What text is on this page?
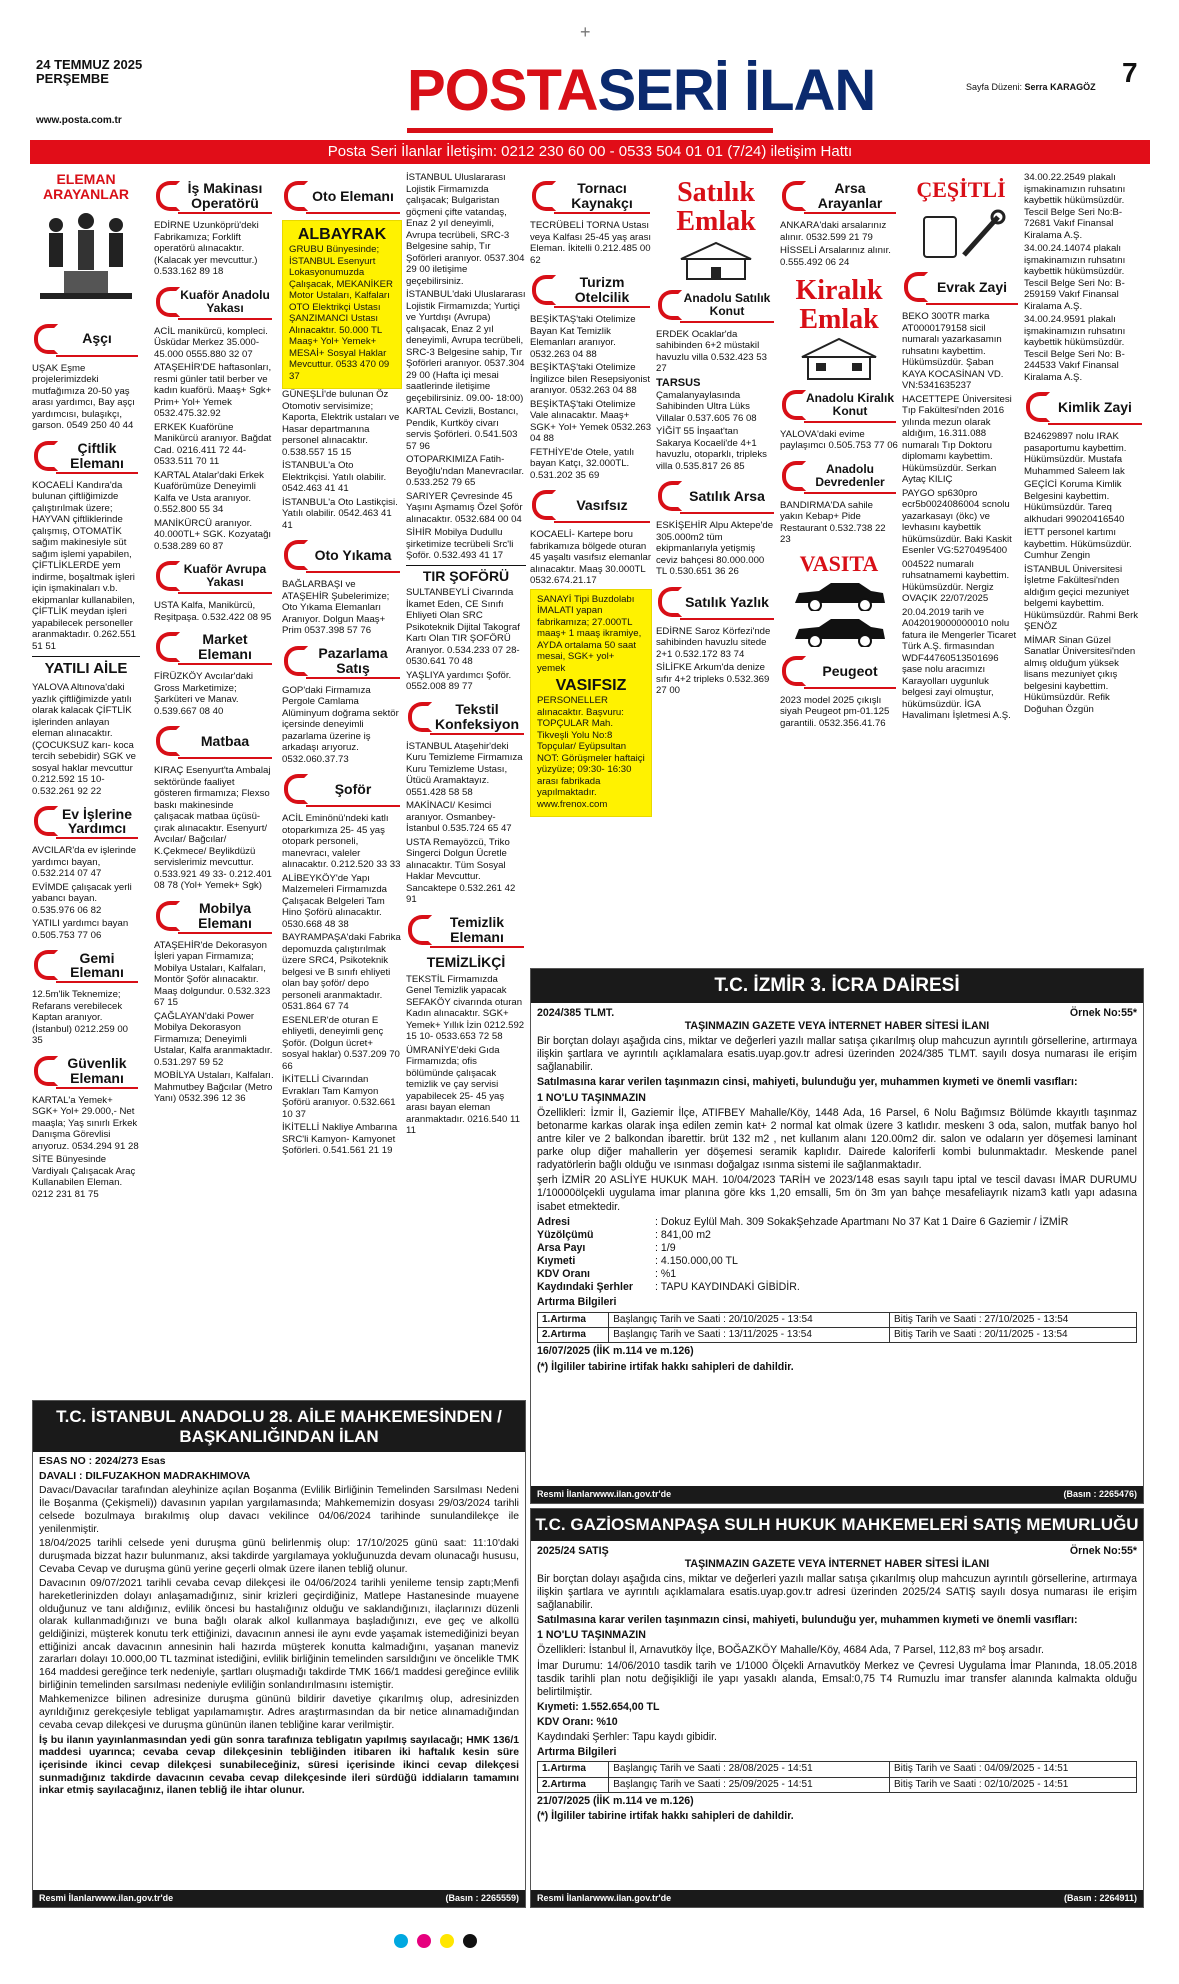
24 TEMMUZ 2025
PERŞEMBE
www.posta.com.tr	POSTASERİ İLAN	Sayfa Düzeni: Serra KARAGÖZ 7
+
Posta Seri İlanlar İletişim: 0212 230 60 00 - 0533 504 01 01 (7/24) iletişim Hattı
ELEMAN ARAYANLAR
Aşçı

UŞAK Eşme projelerimizdeki mutfağımıza 20-50 yaş arası yardımcı, Bay aşçı yardımcısı, bulaşıkçı, garson. 0549 250 40 44

Çiftlik Elemanı

KOCAELİ Kandıra'da bulunan çiftliğimizde çalıştırılmak üzere; HAYVAN çiftliklerinde çalışmış, OTOMATİK sağım makinesiyle süt sağım işlemi yapabilen, ÇİFTLİKLERDE yem indirme, boşaltmak işleri için işmakinaları v.b. ekipmanlar kullanabilen, ÇİFTLİK meydan işleri yapabilecek personeller aranmaktadır. 0.262.551 51 51

YATILI AİLE

YALOVA Altınova'daki yazlık çiftliğimizde yatılı olarak kalacak ÇİFTLİK işlerinden anlayan eleman alınacaktır. (ÇOCUKSUZ karı- koca tercih sebebidir) SGK ve sosyal haklar mevcuttur 0.212.592 15 10- 0.532.261 92 22

Ev İşlerine Yardımcı

AVCILAR'da ev işlerinde yardımcı bayan, 0.532.214 07 47

EVİMDE çalışacak yerli yabancı bayan. 0.535.976 06 82

YATILI yardımcı bayan 0.505.753 77 06

Gemi Elemanı

12.5m'lik Teknemize; Refarans verebilecek Kaptan aranıyor. (İstanbul) 0212.259 00 35

Güvenlik Elemanı

KARTAL'a Yemek+ SGK+ Yol+ 29.000,- Net maaşla; Yaş sınırlı Erkek Danışma Görevlisi arıyoruz. 0534.294 91 28

SİTE Bünyesinde Vardiyalı Çalışacak Araç Kullanabilen Eleman. 0212 231 81 75

İş Makinası Operatörü

EDİRNE Uzunköprü'deki Fabrikamıza; Forklift operatörü alınacaktır. (Kalacak yer mevcuttur.) 0.533.162 89 18

Kuaför Anadolu Yakası

ACİL manikürcü, kompleci. Üsküdar Merkez 35.000- 45.000 0555.880 32 07

ATAŞEHİR'DE haftasonları, resmi günler tatil berber ve kadın kuaförü. Maaş+ Sgk+ Prim+ Yol+ Yemek 0532.475.32.92

ERKEK Kuaförüne Manikürcü aranıyor. Bağdat Cad. 0216.411 72 44- 0533.511 70 11

KARTAL Atalar'daki Erkek Kuaförümüze Deneyimli Kalfa ve Usta aranıyor. 0.552.800 55 34

MANİKÜRCÜ aranıyor. 40.000TL+ SGK. Kozyatağı 0.538.289 60 87

Kuaför Avrupa Yakası

USTA Kalfa, Manikürcü, Reşitpaşa. 0.532.422 08 95

Market Elemanı

FİRÜZKÖY Avcılar'daki Gross Marketimize; Şarküteri ve Manav. 0.539.667 08 40

Matbaa

KIRAÇ Esenyurt'ta Ambalaj sektöründe faaliyet gösteren firmamıza; Flexso baskı makinesinde çalışacak matbaa üçüsü- çırak alınacaktır. Esenyurt/ Avcılar/ Bağcılar/ K.Çekmece/ Beylikdüzü servislerimiz mevcuttur. 0.533.921 49 33- 0.212.401 08 78 (Yol+ Yemek+ Sgk)

Mobilya Elemanı

ATAŞEHİR'de Dekorasyon İşleri yapan Firmamıza; Mobilya Ustaları, Kalfaları, Montör Şoför alınacaktır. Maaş dolgundur. 0.532.323 67 15

ÇAĞLAYAN'daki Power Mobilya Dekorasyon Firmamıza; Deneyimli Ustalar, Kalfa aranmaktadır. 0.531.297 59 52

MOBİLYA Ustaları, Kalfaları. Mahmutbey Bağcılar (Metro Yanı) 0532.396 12 36

Oto Elemanı
ALBAYRAK

GRUBU Bünyesinde; İSTANBUL Esenyurt Lokasyonumuzda Çalışacak, MEKANİKER Motor Ustaları, Kalfaları OTO Elektrikçi Ustası ŞANZIMANCI Ustası Alınacaktır. 50.000 TL Maaş+ Yol+ Yemek+ MESAİ+ Sosyal Haklar Mevcuttur. 0533 470 09 37

GÜNEŞLİ'de bulunan Öz Otomotiv servisimize; Kaporta, Elektrik ustaları ve Hasar departmanına personel alınacaktır. 0.538.557 15 15

İSTANBUL'a Oto Elektrikçisi. Yatılı olabilir. 0542.463 41 41

İSTANBUL'a Oto Lastikçisi. Yatılı olabilir. 0542.463 41 41

Oto Yıkama

BAĞLARBAŞI ve ATAŞEHİR Şubelerimize; Oto Yıkama Elemanları Aranıyor. Dolgun Maaş+ Prim 0537.398 57 76

Pazarlama Satış

GOP'daki Firmamıza Pergole Camlama Alüminyum doğrama sektör içersinde deneyimli pazarlama üzerine iş arkadaşı arıyoruz. 0532.060.37.73

Şoför

ACİL Eminönü'ndeki katlı otoparkımıza 25- 45 yaş otopark personeli, manevracı, valeler alınacaktır. 0.212.520 33 33

ALİBEYKÖY'de Yapı Malzemeleri Firmamızda Çalışacak Belgeleri Tam Hino Şoförü alınacaktır. 0530.668 48 38

BAYRAMPAŞA'daki Fabrika depomuzda çalıştırılmak üzere SRC4, Psikoteknik belgesi ve B sınıfı ehliyeti olan bay şoför/ depo personeli aranmaktadır. 0531.864 67 74

ESENLER'de oturan E ehliyetli, deneyimli genç Şoför. (Dolgun ücret+ sosyal haklar) 0.537.209 70 66

İKİTELLİ Civarından Evrakları Tam Kamyon Şoförü aranıyor. 0.532.661 10 37

İKİTELLİ Nakliye Ambarına SRC'li Kamyon- Kamyonet Şoförleri. 0.541.561 21 19

İSTANBUL Uluslararası Lojistik Firmamızda çalışacak; Bulgaristan göçmeni çifte vatandaş, Enaz 2 yıl deneyimli, Avrupa tecrübeli, SRC-3 Belgesine sahip, Tır Şoförleri aranıyor. 0537.304 29 00 iletişime geçebilirsiniz.

İSTANBUL'daki Uluslararası Lojistik Firmamızda; Yurtiçi ve Yurtdışı (Avrupa) çalışacak, Enaz 2 yıl deneyimli, Avrupa tecrübeli, SRC-3 Belgesine sahip, Tır Şoförleri aranıyor. 0537.304 29 00 (Hafta içi mesai saatlerinde iletişime geçebilirsiniz. 09.00- 18:00)

KARTAL Cevizli, Bostancı, Pendik, Kurtköy civarı servis Şoförleri. 0.541.503 57 96

OTOPARKIMIZA Fatih- Beyoğlu'ndan Manevracılar. 0.533.252 79 65

SARIYER Çevresinde 45 Yaşını Aşmamış Özel Şoför alınacaktır. 0532.684 00 04

SİHİR Mobilya Dudullu şirketimize tecrübeli Src'li Şoför. 0.532.493 41 17

TIR ŞOFÖRÜ

SULTANBEYLİ Civarında İkamet Eden, CE Sınıfı Ehliyeti Olan SRC Psikoteknik Dijital Takograf Kartı Olan TIR ŞOFÖRÜ Aranıyor. 0.534.233 07 28- 0530.641 70 48

YAŞLIYA yardımcı Şoför. 0552.008 89 77

Tekstil Konfeksiyon

İSTANBUL Ataşehir'deki Kuru Temizleme Firmamıza Kuru Temizleme Ustası, Ütücü Aramaktayız. 0551.428 58 58

MAKİNACI/ Kesimci aranıyor. Osmanbey- İstanbul 0.535.724 65 47

USTA Remayözcü, Triko Singerci Dolgun Ücretle alınacaktır. Tüm Sosyal Haklar Mevcuttur. Sancaktepe 0.532.261 42 91

Temizlik Elemanı
TEMİZLİKÇİ

TEKSTİL Firmamızda Genel Temizlik yapacak SEFAKÖY civarında oturan Kadın alınacaktır. SGK+ Yemek+ Yıllık İzin 0212.592 15 10- 0533.653 72 58

ÜMRANİYE'deki Gıda Firmamızda; ofis bölümünde çalışacak temizlik ve çay servisi yapabilecek 25- 45 yaş arası bayan eleman aranmaktadır. 0216.540 11 11

Tornacı Kaynakçı

TECRÜBELİ TORNA Ustası veya Kalfası 25-45 yaş arası Eleman. İkitelli 0.212.485 00 62

Turizm Otelcilik

BEŞİKTAŞ'taki Otelimize Bayan Kat Temizlik Elemanları aranıyor. 0532.263 04 88

BEŞİKTAŞ'taki Otelimize İngilizce bilen Resepsiyonist aranıyor. 0532.263 04 88

BEŞİKTAŞ'taki Otelimize Vale alınacaktır. Maaş+ SGK+ Yol+ Yemek 0532.263 04 88

FETHİYE'de Otele, yatılı bayan Katçı, 32.000TL. 0.531.202 35 69

Vasıfsız

KOCAELİ- Kartepe boru fabrikamıza bölgede oturan 45 yaşaltı vasıfsız elemanlar alınacaktır. Maaş 30.000TL 0532.674.21.17

SANAYİ Tipi Buzdolabı İMALATI yapan fabrikamıza; 27.000TL maaş+ 1 maaş ikramiye, AYDA ortalama 50 saat mesai, SGK+ yol+ yemek

VASIFSIZ

PERSONELLER alınacaktır. Başvuru: TOPÇULAR Mah. Tikveşli Yolu No:8 Topçular/ Eyüpsultan NOT: Görüşmeler haftaiçi yüzyüze; 09:30- 16:30 arası fabrikada yapılmaktadır. www.frenox.com

Satılık Emlak
Anadolu Satılık Konut

ERDEK Ocaklar'da sahibinden 6+2 müstakil havuzlu villa 0.532.423 53 27

TARSUS

Çamalanyaylasında Sahibinden Ultra Lüks Villalar 0.537.605 76 08

YİĞİT 55 İnşaat'tan Sakarya Kocaeli'de 4+1 havuzlu, otoparklı, tripleks villa 0.535.817 26 85

Satılık Arsa

ESKİŞEHİR Alpu Aktepe'de 305.000m2 tüm ekipmanlarıyla yetişmiş ceviz bahçesi 80.000.000 TL 0.530.651 36 26

Satılık Yazlık

EDİRNE Saroz Körfezi'nde sahibinden havuzlu sitede 2+1 0.532.172 83 74

SİLİFKE Arkum'da denize sıfır 4+2 tripleks 0.532.369 27 00

Arsa Arayanlar

ANKARA'daki arsalarınız alınır. 0532.599 21 79

HİSSELİ Arsalarınız alınır. 0.555.492 06 24

Kiralık Emlak
Anadolu Kiralık Konut

YALOVA'daki evime paylaşımcı 0.505.753 77 06

Anadolu Devredenler

BANDIRMA'DA sahile yakın Kebap+ Pide Restaurant 0.532.738 22 23

VASITA
Peugeot

2023 model 2025 çıkışlı siyah Peugeot pm-01.125 garantili. 0532.356.41.76

ÇEŞİTLİ
Evrak Zayi

BEKO 300TR marka AT0000179158 sicil numaralı yazarkasamın ruhsatını kaybettim. Hükümsüzdür. Şaban KAYA KOCASİNAN VD. VN:5341635237

HACETTEPE Üniversitesi Tıp Fakültesi'nden 2016 yılında mezun olarak aldığım, 16.311.088 numaralı Tıp Doktoru diplomamı kaybettim. Hükümsüzdür. Serkan Aytaç KILIÇ

PAYGO sp630pro ecr5b0024086004 scnolu yazarkasayı (ökc) ve levhasını kaybettik hükümsüzdür. Baki Kaskit Esenler VG:5270495400

004522 numaralı ruhsatnamemi kaybettim. Hükümsüzdür. Nergiz OVAÇIK 22/07/2025

20.04.2019 tarih ve A042019000000010 nolu fatura ile Mengerler Ticaret Türk A.Ş. firmasından WDF44760513501696 şase nolu aracımızı Karayolları uygunluk belgesi zayi olmuştur, hükümsüzdür. İGA Havalimanı İşletmesi A.Ş.

34.00.22.2549 plakalı işmakinamızın ruhsatını kaybettik hükümsüzdür. Tescil Belge Seri No:B-72681 Vakıf Finansal Kiralama A.Ş.

34.00.24.14074 plakalı işmakinamızın ruhsatını kaybettik hükümsüzdür. Tescil Belge Seri No: B-259159 Vakıf Finansal Kiralama A.Ş.

34.00.24.9591 plakalı işmakinamızın ruhsatını kaybettik hükümsüzdür. Tescil Belge Seri No: B-244533 Vakıf Finansal Kiralama A.Ş.

Kimlik Zayi

B24629897 nolu IRAK pasaportumu kaybettim. Hükümsüzdür. Mustafa Muhammed Saleem lak

GEÇİCİ Koruma Kimlik Belgesini kaybettim. Hükümsüzdür. Tareq alkhudari 99020416540

İETT personel kartımı kaybettim. Hükümsüzdür. Cumhur Zengin

İSTANBUL Üniversitesi İşletme Fakültesi'nden aldığım geçici mezuniyet belgemi kaybettim. Hükümsüzdür. Rahmi Berk ŞENÖZ

MİMAR Sinan Güzel Sanatlar Üniversitesi'nden almış olduğum yüksek lisans mezuniyet çıkış belgesini kaybettim. Hükümsüzdür. Refik Doğuhan Özgün

T.C. İZMİR 3. İCRA DAİRESİ
2024/385 TLMT.	Örnek No:55*

TAŞINMAZIN GAZETE VEYA İNTERNET HABER SİTESİ İLANI

Bir borçtan dolayı aşağıda cins, miktar ve değerleri yazılı mallar satışa çıkarılmış olup mahcuzun ayrıntılı görsellerine, artırmaya ilişkin şartlara ve ayrıntılı açıklamalara esatis.uyap.gov.tr adresi üzerinden 2024/385 TLMT. sayılı dosya numarası ile erişim sağlanabilir.

Satılmasına karar verilen taşınmazın cinsi, mahiyeti, bulunduğu yer, muhammen kıymeti ve önemli vasıfları:

1 NO'LU TAŞINMAZIN

Özellikleri: İzmir İl, Gaziemir İlçe, ATIFBEY Mahalle/Köy, 1448 Ada, 16 Parsel, 6 Nolu Bağımsız Bölümde kkayıtlı taşınmaz betonarme karkas olarak inşa edilen zemin kat+ 2 normal kat olmak üzere 3 katlıdır. meskenı 3 oda, salon, mutfak banyo hol antre kiler ve 2 balkondan ibarettir. brüt 132 m2 , net kullanım alanı 120.00m2 dir. salon ve odaların yer döşemesi laminant parke olup diğer mahallerin yer döşemesi seramik kaplıdır. Dairede kaloriferli kombi bulunmaktadır. Meskende panel radyatörlerin bağlı olduğu ve ısınması doğalgaz ısınma sistemi ile sağlanmaktadır.

şerh İZMİR 20 ASLİYE HUKUK MAH. 10/04/2023 TARİH ve 2023/148 esas sayılı tapu iptal ve tescil davası İMAR DURUMU 1/10000ölçekli uygulama imar planına göre kks 1,20 emsalli, 5m ön 3m yan bahçe mesafeliayrık nizam3 katlı yapı adasına isabet etmektedir.

Adresi	: Dokuz Eylül Mah. 309 SokakŞehzade Apartmanı No 37 Kat 1 Daire 6 Gaziemir / İZMİR
Yüzölçümü	: 841,00 m2
Arsa Payı	: 1/9
Kıymeti	: 4.150.000,00 TL
KDV Oranı	: %1
Kaydındaki Şerhler	: TAPU KAYDINDAKİ GİBİDİR.

Artırma Bilgileri

1.Artırma	Başlangıç Tarih ve Saati : 20/10/2025 - 13:54	Bitiş Tarih ve Saati : 27/10/2025 - 13:54
2.Artırma	Başlangıç Tarih ve Saati : 13/11/2025 - 13:54	Bitiş Tarih ve Saati : 20/11/2025 - 13:54

16/07/2025 (İİK m.114 ve m.126)

(*) İlgililer tabirine irtifak hakkı sahipleri de dahildir.

Resmi İlanlar www.ilan.gov.tr'de	(Basın : 2265476)
T.C. İSTANBUL ANADOLU 28. AİLE MAHKEMESİNDEN / BAŞKANLIĞINDAN İLAN

ESAS NO : 2024/273 Esas

DAVALI : DILFUZAKHON MADRAKHIMOVA

Davacı/Davacılar tarafından aleyhinize açılan Boşanma (Evlilik Birliğinin Temelinden Sarsılması Nedeni İle Boşanma (Çekişmeli)) davasının yapılan yargılamasında; Mahkememizin dosyası 29/03/2024 tarihli celsede bozulmaya bırakılmış olup davacı vekilince 04/06/2024 tarihinde sunulandilekçe ile yenilenmiştir.

18/04/2025 tarihli celsede yeni duruşma günü belirlenmiş olup: 17/10/2025 günü saat: 11:10'daki duruşmada bizzat hazır bulunmanız, aksi takdirde yargılamaya yokluğunuzda devam olunacağı hususu, Cevaba Cevap ve duruşma günü yerine geçerli olmak üzere ilanen tebliğ olunur.

Davacının 09/07/2021 tarihli cevaba cevap dilekçesi ile 04/06/2024 tarihli yenileme tensip zaptı;Menfi hareketlerinizden dolayı anlaşamadığınız, sinir krizleri geçirdiğiniz, Matlepe Hastanesinde muayene olduğunuz ve tanı aldığınız, evlilik öncesi bu hastalığınız olduğu ve saklandığınızı, ilaçlarınızı düzenli olarak kullanmadığınızı ve buna bağlı olarak alkol kullanmaya başladığınızı, eve geç ve alkollü geldiğinizi, müşterek konutu terk ettiğinizi, davacının annesi ile aynı evde yaşamak istemediğinizi beyan ettiğinizi ancak davacının annesinin hali hazırda müşterek konutta kalmadığını, yaşanan maneviz zararları dolayı 10.000,00 TL tazminat istediğini, evlilik birliğinin temelinden sarsıldığını ve öncelikle TMK 164 maddesi gereğince terk nedeniyle, şartları oluşmadığı takdirde TMK 166/1 maddesi gereğince evlilik birliğinin temelinden sarsılması nedeniyle evliliğin sonlandırılmasını istemiştir.

Mahkemenizce bilinen adresinize duruşma gününü bildirir davetiye çıkarılmış olup, adresinizden ayrıldığınız gerekçesiyle tebligat yapılamamıştır. Adres araştırmasından da bir netice alınamadığından cevaba cevap dilekçesi ve duruşma gününün ilanen tebliğine karar verilmiştir.

İş bu ilanın yayınlanmasından yedi gün sonra tarafınıza tebligatın yapılmış sayılacağı; HMK 136/1 maddesi uyarınca; cevaba cevap dilekçesinin tebliğinden itibaren iki haftalık kesin süre içerisinde ikinci cevap dilekçesi sunabileceğiniz, süresi içerisinde ikinci cevap dilekçesi sunmadığınız takdirde davacının cevaba cevap dilekçesinde ileri sürdüğü iddiaların tamamını inkar etmiş sayılacağınız, ilanen tebliğ ile ihtar olunur.

Resmi İlanlar www.ilan.gov.tr'de	(Basın : 2265559)
T.C. GAZİOSMANPAŞA SULH HUKUK MAHKEMELERİ SATIŞ MEMURLUĞU
2025/24 SATIŞ	Örnek No:55*

TAŞINMAZIN GAZETE VEYA İNTERNET HABER SİTESİ İLANI

Bir borçtan dolayı aşağıda cins, miktar ve değerleri yazılı mallar satışa çıkarılmış olup mahcuzun ayrıntılı görsellerine, artırmaya ilişkin şartlara ve ayrıntılı açıklamalara esatis.uyap.gov.tr adresi üzerinden 2025/24 SATIŞ sayılı dosya numarası ile erişim sağlanabilir.

Satılmasına karar verilen taşınmazın cinsi, mahiyeti, bulunduğu yer, muhammen kıymeti ve önemli vasıfları:

1 NO'LU TAŞINMAZIN

Özellikleri: İstanbul İl, Arnavutköy İlçe, BOĞAZKÖY Mahalle/Köy, 4684 Ada, 7 Parsel, 112,83 m² boş arsadır.

İmar Durumu: 14/06/2010 tasdik tarih ve 1/1000 Ölçekli Arnavutköy Merkez ve Çevresi Uygulama İmar Planında, 18.05.2018 tasdik tarihli plan notu değişikliği ile yapı yasaklı alanda, Emsal:0,75 T4 Rumuzlu imar transfer alanında kalmakta olduğu belirtilmiştir.

Kıymeti: 1.552.654,00 TL

KDV Oranı: %10

Kaydındaki Şerhler: Tapu kaydı gibidir.

Artırma Bilgileri

1.Artırma	Başlangıç Tarih ve Saati : 28/08/2025 - 14:51	Bitiş Tarih ve Saati : 04/09/2025 - 14:51
2.Artırma	Başlangıç Tarih ve Saati : 25/09/2025 - 14:51	Bitiş Tarih ve Saati : 02/10/2025 - 14:51

21/07/2025 (İİK m.114 ve m.126)

(*) İlgililer tabirine irtifak hakkı sahipleri de dahildir.

Resmi İlanlar www.ilan.gov.tr'de	(Basın : 2264911)
